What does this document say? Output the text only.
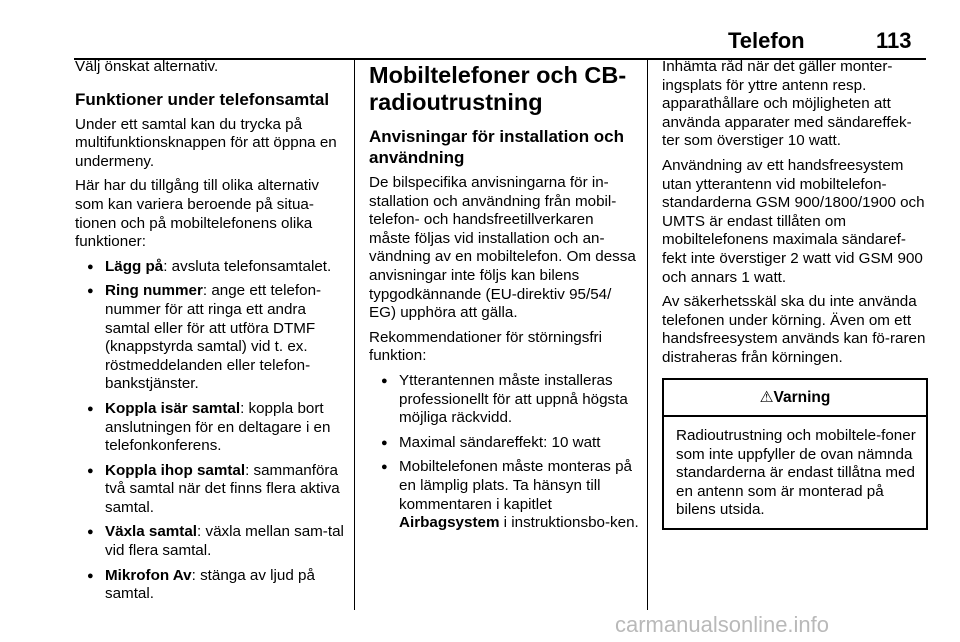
Telefon	113

Välj önskat alternativ.

Funktioner under telefonsamtal

Under ett samtal kan du trycka på multifunktionsknappen för att öppna en undermeny.

Här har du tillgång till olika alternativ som kan variera beroende på situa-tionen och på mobiltelefonens olika funktioner:

● Lägg på: avsluta telefonsamtalet.
● Ring nummer: ange ett telefon-nummer för att ringa ett andra samtal eller för att utföra DTMF (knappstyrda samtal) vid t. ex. röstmeddelanden eller telefon-bankstjänster.
● Koppla isär samtal: koppla bort anslutningen för en deltagare i en telefonkonferens.
● Koppla ihop samtal: sammanföra två samtal när det finns flera aktiva samtal.
● Växla samtal: växla mellan sam-tal vid flera samtal.
● Mikrofon Av: stänga av ljud på samtal.
Mobiltelefoner och CB-radioutrustning
Anvisningar för installation och användning

De bilspecifika anvisningarna för in-stallation och användning från mobil-telefon- och handsfreetillverkaren måste följas vid installation och an-vändning av en mobiltelefon. Om dessa anvisningar inte följs kan bilens typgodkännande (EU-direktiv 95/54/ EG) upphöra att gälla.

Rekommendationer för störningsfri funktion:

● Ytterantennen måste installeras professionellt för att uppnå högsta möjliga räckvidd.
● Maximal sändareffekt: 10 watt
● Mobiltelefonen måste monteras på en lämplig plats. Ta hänsyn till kommentaren i kapitlet
Airbagsystem i instruktionsbo-ken.

Inhämta råd när det gäller monter-ingsplats för yttre antenn resp. apparathållare och möjligheten att använda apparater med sändareffek-ter som överstiger 10 watt.

Användning av ett handsfreesystem utan ytterantenn vid mobiltelefon-standarderna GSM 900/1800/1900 och UMTS är endast tillåten om mobiltelefonens maximala sändaref-fekt inte överstiger 2 watt vid GSM 900 och annars 1 watt.

Av säkerhetsskäl ska du inte använda telefonen under körning. Även om ett handsfreesystem används kan fö-raren distraheras från körningen.

⚠Varning
Radioutrustning och mobiltele-foner som inte uppfyller de ovan nämnda standarderna är endast tillåtna med en antenn som är monterad på bilens utsida.
carmanualsonline.info
